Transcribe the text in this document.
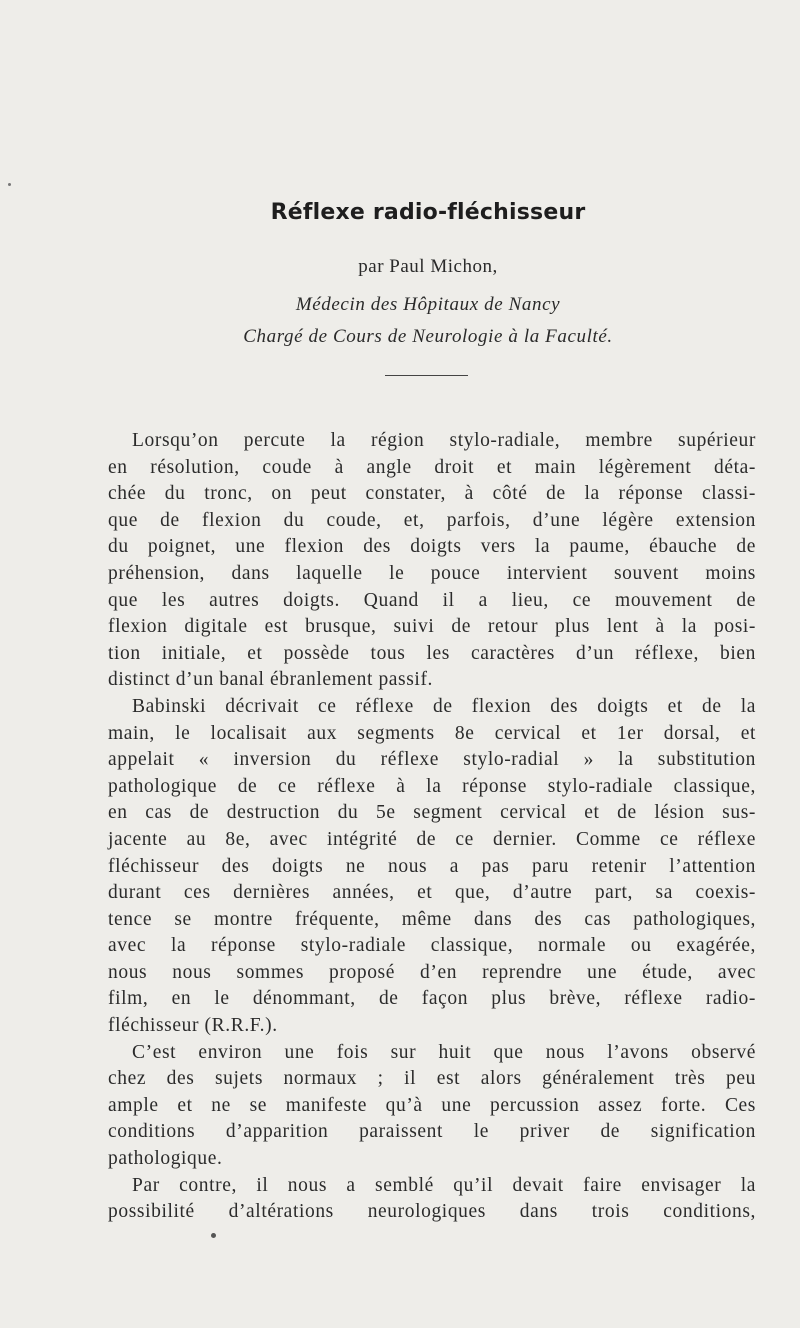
Réflexe radio-fléchisseur
par Paul Michon,
Médecin des Hôpitaux de Nancy
Chargé de Cours de Neurologie à la Faculté.

Lorsqu’on percute la région stylo-radiale, membre supérieur
en résolution, coude à angle droit et main légèrement déta-
chée du tronc, on peut constater, à côté de la réponse classi-
que de flexion du coude, et, parfois, d’une légère extension
du poignet, une flexion des doigts vers la paume, ébauche de
préhension, dans laquelle le pouce intervient souvent moins
que les autres doigts. Quand il a lieu, ce mouvement de
flexion digitale est brusque, suivi de retour plus lent à la posi-
tion initiale, et possède tous les caractères d’un réflexe, bien
distinct d’un banal ébranlement passif.

Babinski décrivait ce réflexe de flexion des doigts et de la
main, le localisait aux segments 8e cervical et 1er dorsal, et
appelait « inversion du réflexe stylo-radial » la substitution
pathologique de ce réflexe à la réponse stylo-radiale classique,
en cas de destruction du 5e segment cervical et de lésion sus-
jacente au 8e, avec intégrité de ce dernier. Comme ce réflexe
fléchisseur des doigts ne nous a pas paru retenir l’attention
durant ces dernières années, et que, d’autre part, sa coexis-
tence se montre fréquente, même dans des cas pathologiques,
avec la réponse stylo-radiale classique, normale ou exagérée,
nous nous sommes proposé d’en reprendre une étude, avec
film, en le dénommant, de façon plus brève, réflexe radio-
fléchisseur (R.R.F.).

C’est environ une fois sur huit que nous l’avons observé
chez des sujets normaux ; il est alors généralement très peu
ample et ne se manifeste qu’à une percussion assez forte. Ces
conditions d’apparition paraissent le priver de signification
pathologique.

Par contre, il nous a semblé qu’il devait faire envisager la
possibilité d’altérations neurologiques dans trois conditions,
